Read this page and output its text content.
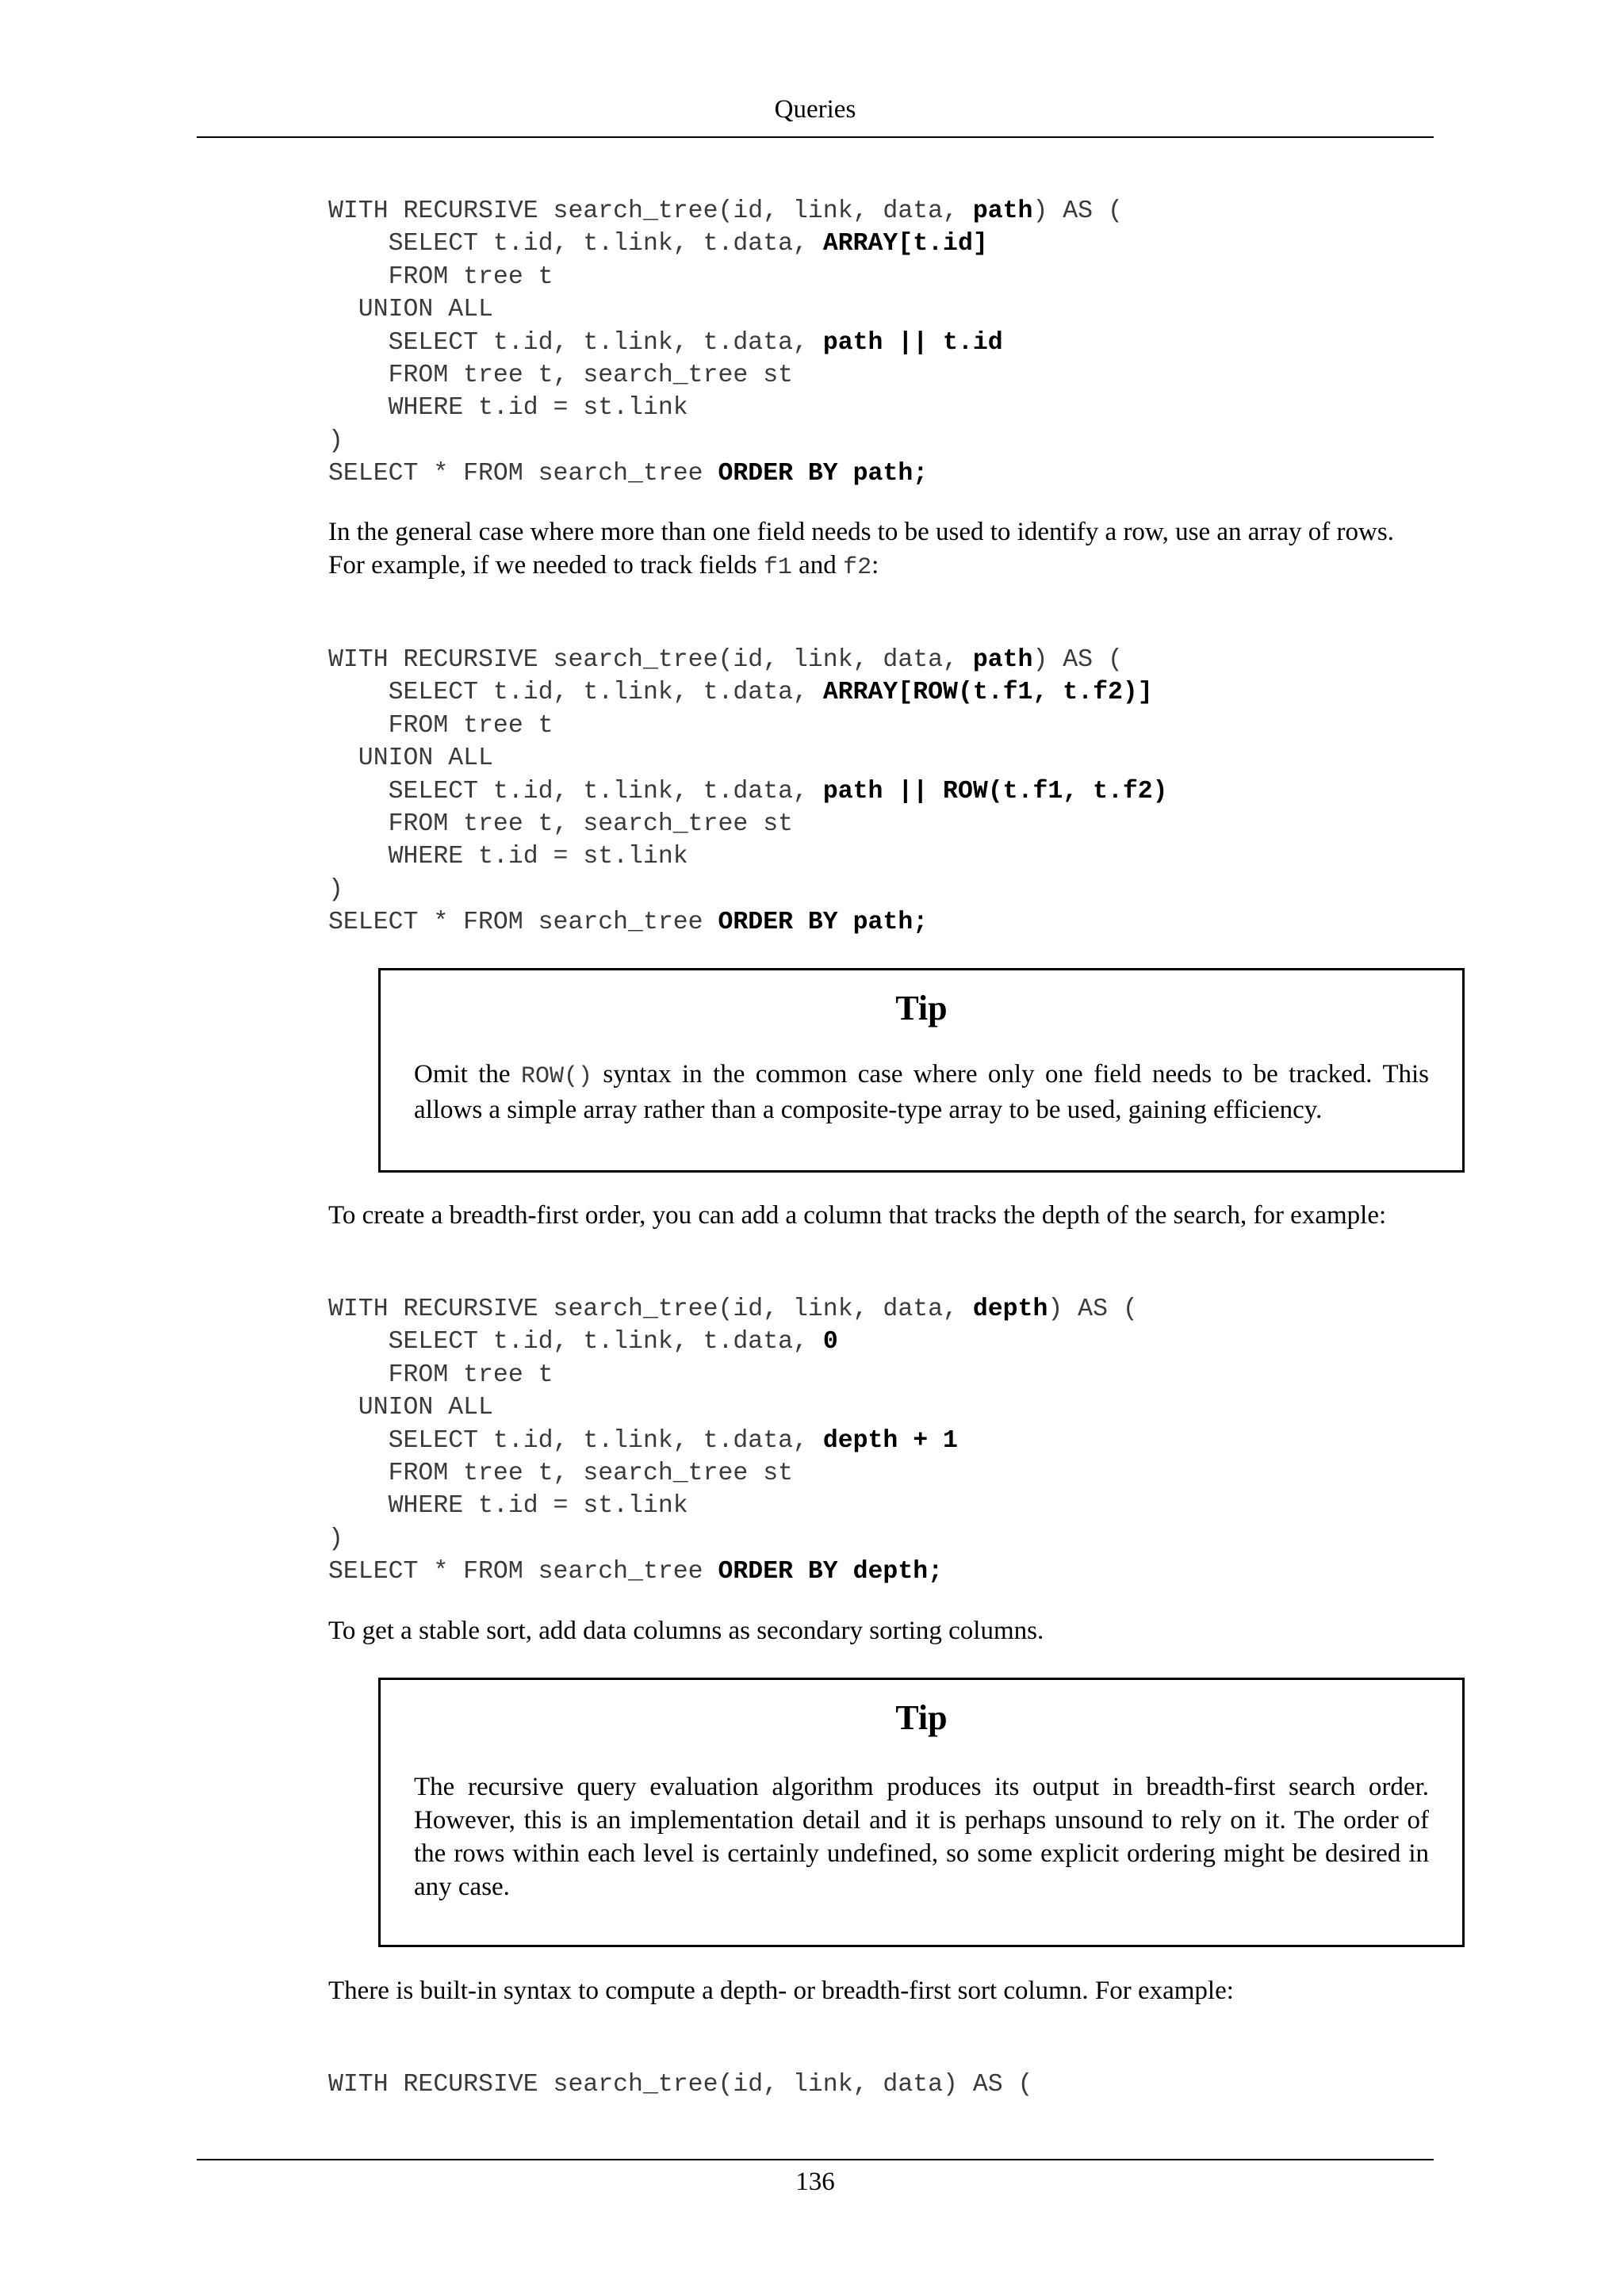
Queries
WITH RECURSIVE search_tree(id, link, data, path) AS (
SELECT t.id, t.link, t.data, ARRAY[t.id]
FROM tree t
UNION ALL
SELECT t.id, t.link, t.data, path || t.id
FROM tree t, search_tree st
WHERE t.id = st.link
)
SELECT * FROM search_tree ORDER BY path;

In the general case where more than one field needs to be used to identify a row, use an array of rows. For example, if we needed to track fields f1 and f2:

WITH RECURSIVE search_tree(id, link, data, path) AS (
SELECT t.id, t.link, t.data, ARRAY[ROW(t.f1, t.f2)]
FROM tree t
UNION ALL
SELECT t.id, t.link, t.data, path || ROW(t.f1, t.f2)
FROM tree t, search_tree st
WHERE t.id = st.link
)
SELECT * FROM search_tree ORDER BY path;
Tip

Omit the ROW() syntax in the common case where only one field needs to be tracked. This allows a simple array rather than a composite-type array to be used, gaining efficiency.

To create a breadth-first order, you can add a column that tracks the depth of the search, for example:

WITH RECURSIVE search_tree(id, link, data, depth) AS (
SELECT t.id, t.link, t.data, 0
FROM tree t
UNION ALL
SELECT t.id, t.link, t.data, depth + 1
FROM tree t, search_tree st
WHERE t.id = st.link
)
SELECT * FROM search_tree ORDER BY depth;

To get a stable sort, add data columns as secondary sorting columns.

Tip

The recursive query evaluation algorithm produces its output in breadth-first search order. However, this is an implementation detail and it is perhaps unsound to rely on it. The order of the rows within each level is certainly undefined, so some explicit ordering might be desired in any case.

There is built-in syntax to compute a depth- or breadth-first sort column. For example:

WITH RECURSIVE search_tree(id, link, data) AS (
136
